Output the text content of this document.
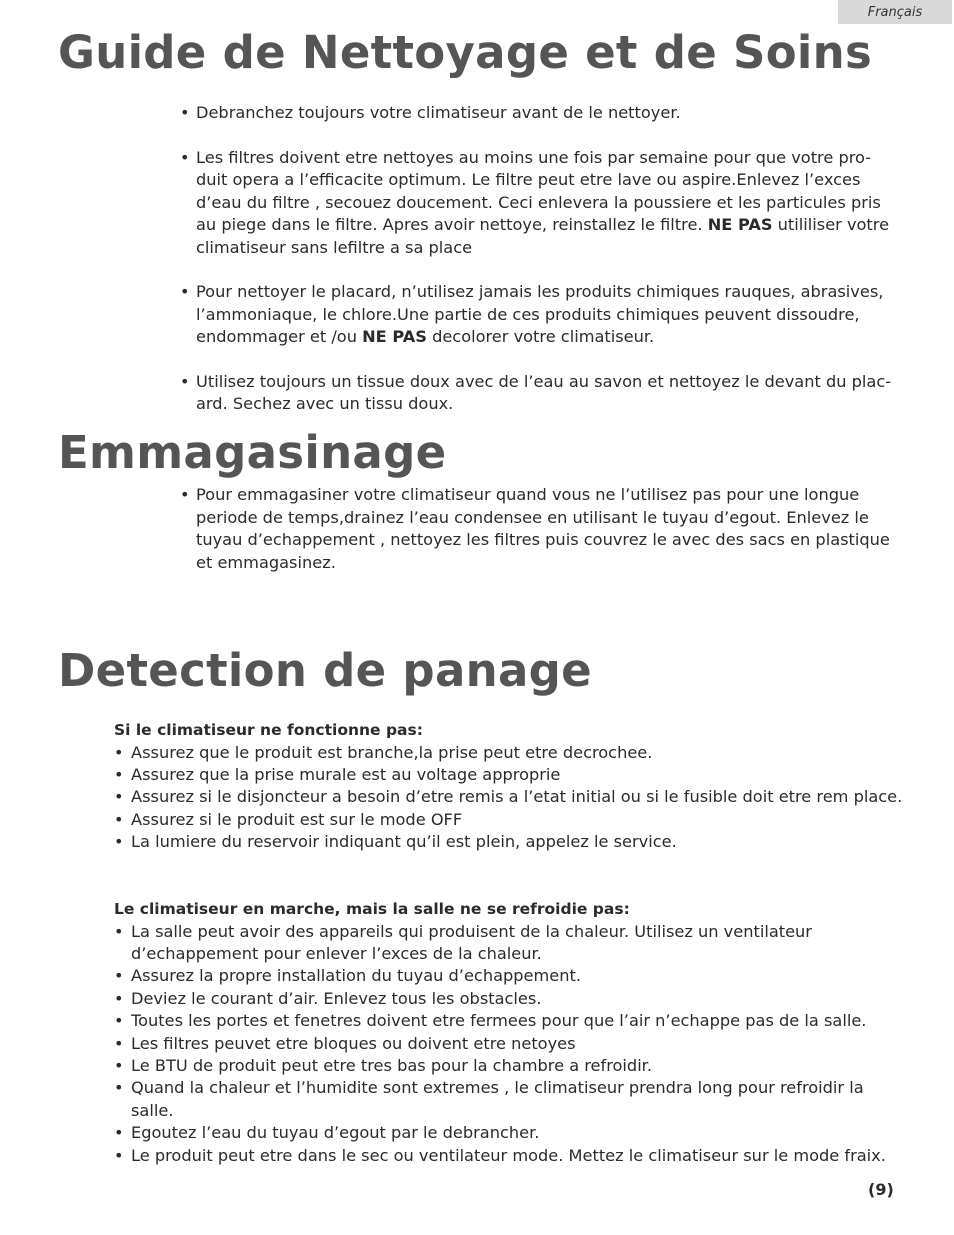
Français
Guide de Nettoyage et de Soins
• Debranchez toujours votre climatiseur avant de le nettoyer.
• Les filtres doivent etre nettoyes au moins une fois par semaine pour que votre pro-duit opera a l’efficacite optimum. Le filtre peut etre lave ou aspire.Enlevez l’exces d’eau du filtre , secouez doucement. Ceci enlevera la poussiere et les particules pris au piege dans le filtre. Apres avoir nettoye, reinstallez le filtre. NE PAS utililiser votre climatiseur sans lefiltre a sa place
• Pour nettoyer le placard, n’utilisez jamais les produits chimiques rauques, abrasives, l’ammoniaque, le chlore.Une partie de ces produits chimiques peuvent dissoudre, endommager et /ou NE PAS decolorer votre climatiseur.
• Utilisez toujours un tissue doux avec de l’eau au savon et nettoyez le devant du plac-ard. Sechez avec un tissu doux.
Emmagasinage
• Pour emmagasiner votre climatiseur quand vous ne l’utilisez pas pour une longue periode de temps,drainez l’eau condensee en utilisant le tuyau d’egout. Enlevez le tuyau d’echappement , nettoyez les filtres puis couvrez le avec des sacs en plastique et emmagasinez.
Detection de panage

Si le climatiseur ne fonctionne pas:

• Assurez que le produit est branche,la prise peut etre decrochee.
• Assurez que la prise murale est au voltage approprie
• Assurez si le disjoncteur a besoin d’etre remis a l’etat initial ou si le fusible doit etre rem place.
• Assurez si le produit est sur le mode OFF
• La lumiere du reservoir indiquant qu’il est plein, appelez le service.

Le climatiseur en marche, mais la salle ne se refroidie pas:

• La salle peut avoir des appareils qui produisent de la chaleur. Utilisez un ventilateur d’echappement pour enlever l’exces de la chaleur.
• Assurez la propre installation du tuyau d’echappement.
• Deviez le courant d’air. Enlevez tous les obstacles.
• Toutes les portes et fenetres doivent etre fermees pour que l’air n’echappe pas de la salle.
• Les filtres peuvet etre bloques ou doivent etre netoyes
• Le BTU de produit peut etre tres bas pour la chambre a refroidir.
• Quand la chaleur et l’humidite sont extremes , le climatiseur prendra long pour refroidir la salle.
• Egoutez l’eau du tuyau d’egout par le debrancher.
• Le produit peut etre dans le sec ou ventilateur mode. Mettez le climatiseur sur le mode fraix.
(9)
